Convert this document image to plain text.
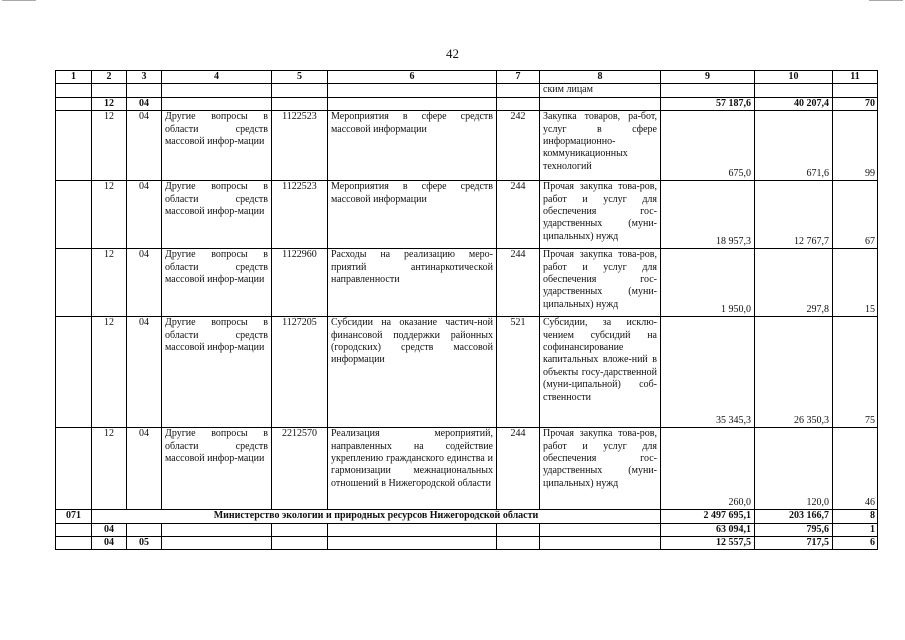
42
1	2	3	4	5	6	7	8	9	10	11
							ским лицам			
	12	04						57 187,6	40 207,4	70
	12	04	Другие вопросы в области средств массовой инфор-мации	1122523	Мероприятия в сфере средств массовой информации	242	Закупка товаров, ра-бот, услуг в сфере информационно-коммуникационных технологий	675,0	671,6	99
	12	04	Другие вопросы в области средств массовой инфор-мации	1122523	Мероприятия в сфере средств массовой информации	244	Прочая закупка това-ров, работ и услуг для обеспечения гос-ударственных (муни-ципальных) нужд	18 957,3	12 767,7	67
	12	04	Другие вопросы в области средств массовой инфор-мации	1122960	Расходы на реализацию меро-приятий антинаркотической направленности	244	Прочая закупка това-ров, работ и услуг для обеспечения гос-ударственных (муни-ципальных) нужд	1 950,0	297,8	15
	12	04	Другие вопросы в области средств массовой инфор-мации	1127205	Субсидии на оказание частич-ной финансовой поддержки районных (городских) средств массовой информации	521	Субсидии, за исклю-чением субсидий на софинансирование капитальных вложе-ний в объекты госу-дарственной (муни-ципальной) соб-ственности	35 345,3	26 350,3	75
	12	04	Другие вопросы в области средств массовой инфор-мации	2212570	Реализация мероприятий, направленных на содействие укреплению гражданского единства и гармонизации межнациональных отношений в Нижегородской области	244	Прочая закупка това-ров, работ и услуг для обеспечения гос-ударственных (муни-ципальных) нужд	260,0	120,0	46
071	Министерство экологии и природных ресурсов Нижегородской области							2 497 695,1	203 166,7	8
	04							63 094,1	795,6	1
	04	05						12 557,5	717,5	6
